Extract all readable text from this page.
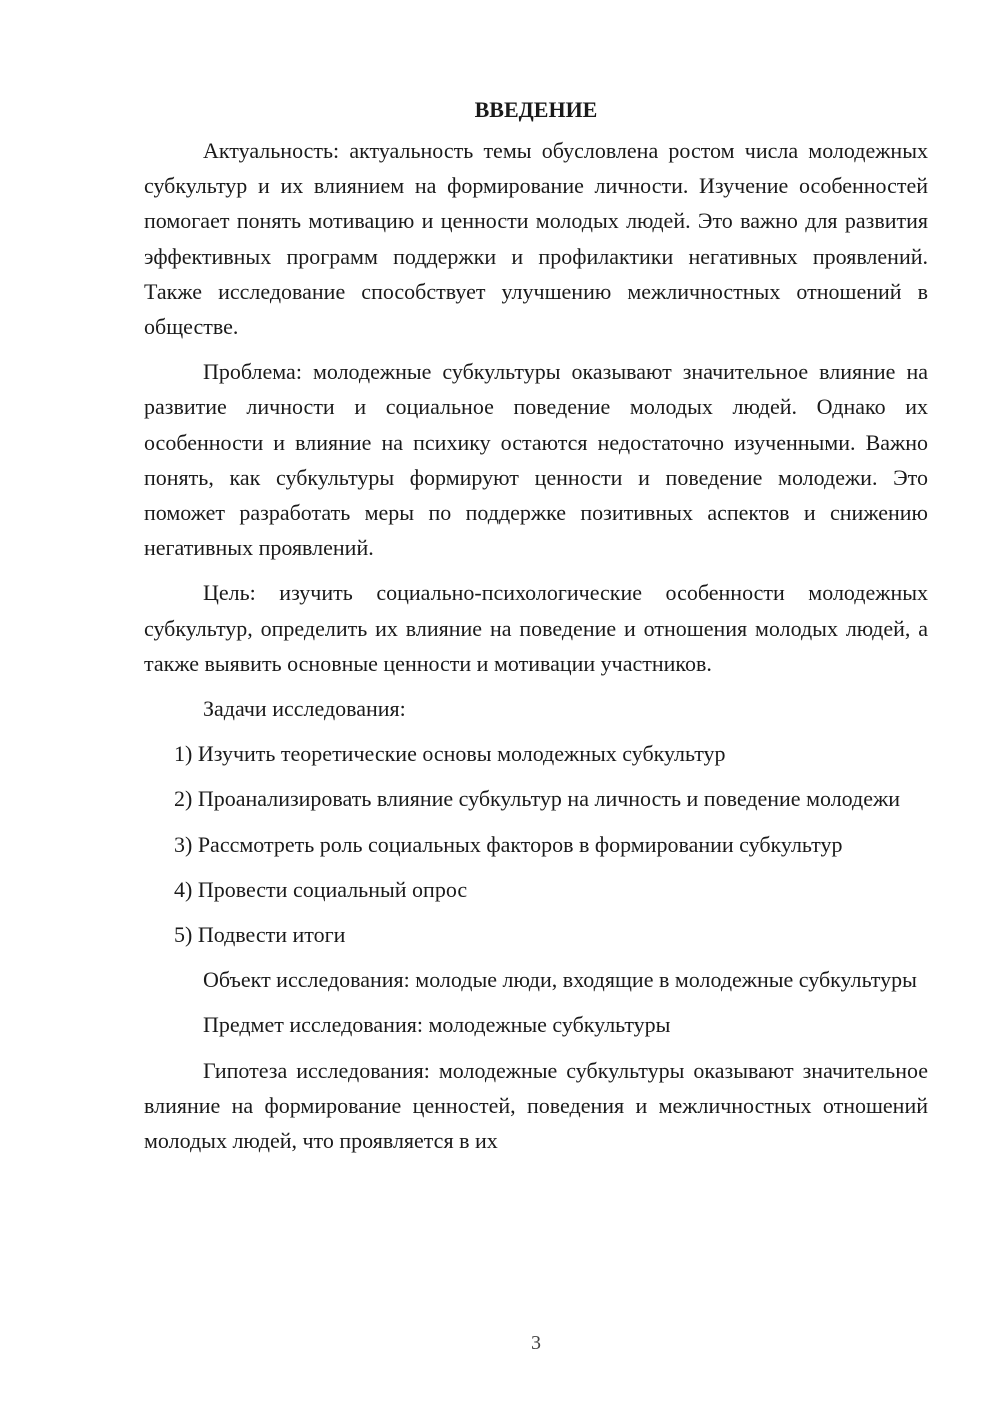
ВВЕДЕНИЕ

Актуальность: актуальность темы обусловлена ростом числа молодежных субкультур и их влиянием на формирование личности. Изучение особенностей помогает понять мотивацию и ценности молодых людей. Это важно для развития эффективных программ поддержки и профилактики негативных проявлений. Также исследование способствует улучшению межличностных отношений в обществе.

Проблема: молодежные субкультуры оказывают значительное влияние на развитие личности и социальное поведение молодых людей. Однако их особенности и влияние на психику остаются недостаточно изученными. Важно понять, как субкультуры формируют ценности и поведение молодежи. Это поможет разработать меры по поддержке позитивных аспектов и снижению негативных проявлений.

Цель: изучить социально-психологические особенности молодежных субкультур, определить их влияние на поведение и отношения молодых людей, а также выявить основные ценности и мотивации участников.

Задачи исследования:

1) Изучить теоретические основы молодежных субкультур

2) Проанализировать влияние субкультур на личность и поведение молодежи

3) Рассмотреть роль социальных факторов в формировании субкультур

4) Провести социальный опрос

5) Подвести итоги

Объект исследования: молодые люди, входящие в молодежные субкультуры

Предмет исследования: молодежные субкультуры

Гипотеза исследования: молодежные субкультуры оказывают значительное влияние на формирование ценностей, поведения и межличностных отношений молодых людей, что проявляется в их

3
